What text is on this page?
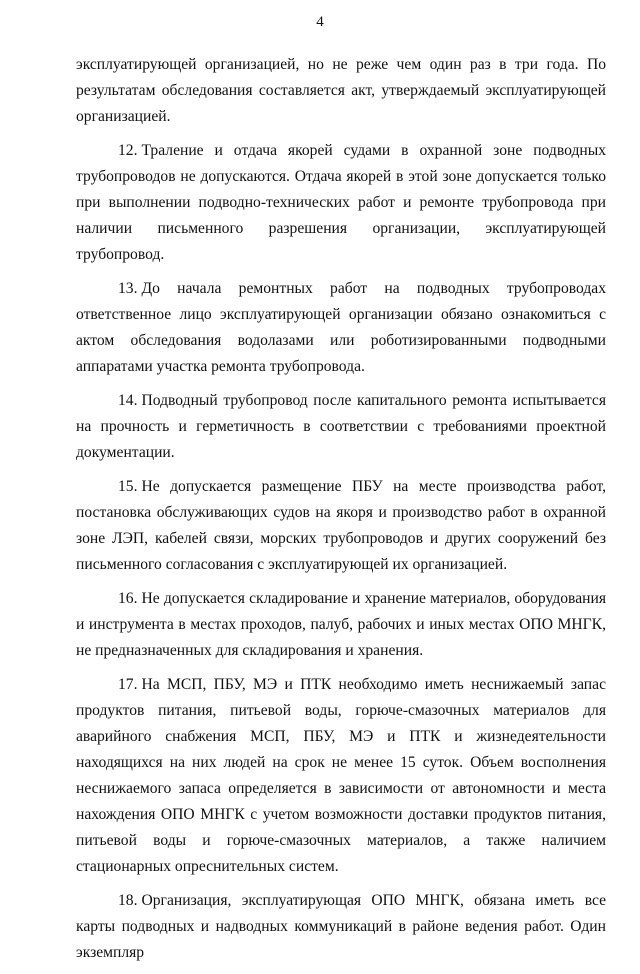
4

эксплуатирующей организацией, но не реже чем один раз в три года. По результатам обследования составляется акт, утверждаемый эксплуатирующей организацией.

12. Траление и отдача якорей судами в охранной зоне подводных трубопроводов не допускаются. Отдача якорей в этой зоне допускается только при выполнении подводно-технических работ и ремонте трубопровода при наличии письменного разрешения организации, эксплуатирующей трубопровод.

13. До начала ремонтных работ на подводных трубопроводах ответственное лицо эксплуатирующей организации обязано ознакомиться с актом обследования водолазами или роботизированными подводными аппаратами участка ремонта трубопровода.

14. Подводный трубопровод после капитального ремонта испытывается на прочность и герметичность в соответствии с требованиями проектной документации.

15. Не допускается размещение ПБУ на месте производства работ, постановка обслуживающих судов на якоря и производство работ в охранной зоне ЛЭП, кабелей связи, морских трубопроводов и других сооружений без письменного согласования с эксплуатирующей их организацией.

16. Не допускается складирование и хранение материалов, оборудования и инструмента в местах проходов, палуб, рабочих и иных местах ОПО МНГК, не предназначенных для складирования и хранения.

17. На МСП, ПБУ, МЭ и ПТК необходимо иметь неснижаемый запас продуктов питания, питьевой воды, горюче-смазочных материалов для аварийного снабжения МСП, ПБУ, МЭ и ПТК и жизнедеятельности находящихся на них людей на срок не менее 15 суток. Объем восполнения неснижаемого запаса определяется в зависимости от автономности и места нахождения ОПО МНГК с учетом возможности доставки продуктов питания, питьевой воды и горюче-смазочных материалов, а также наличием стационарных опреснительных систем.

18. Организация, эксплуатирующая ОПО МНГК, обязана иметь все карты подводных и надводных коммуникаций в районе ведения работ. Один экземпляр
